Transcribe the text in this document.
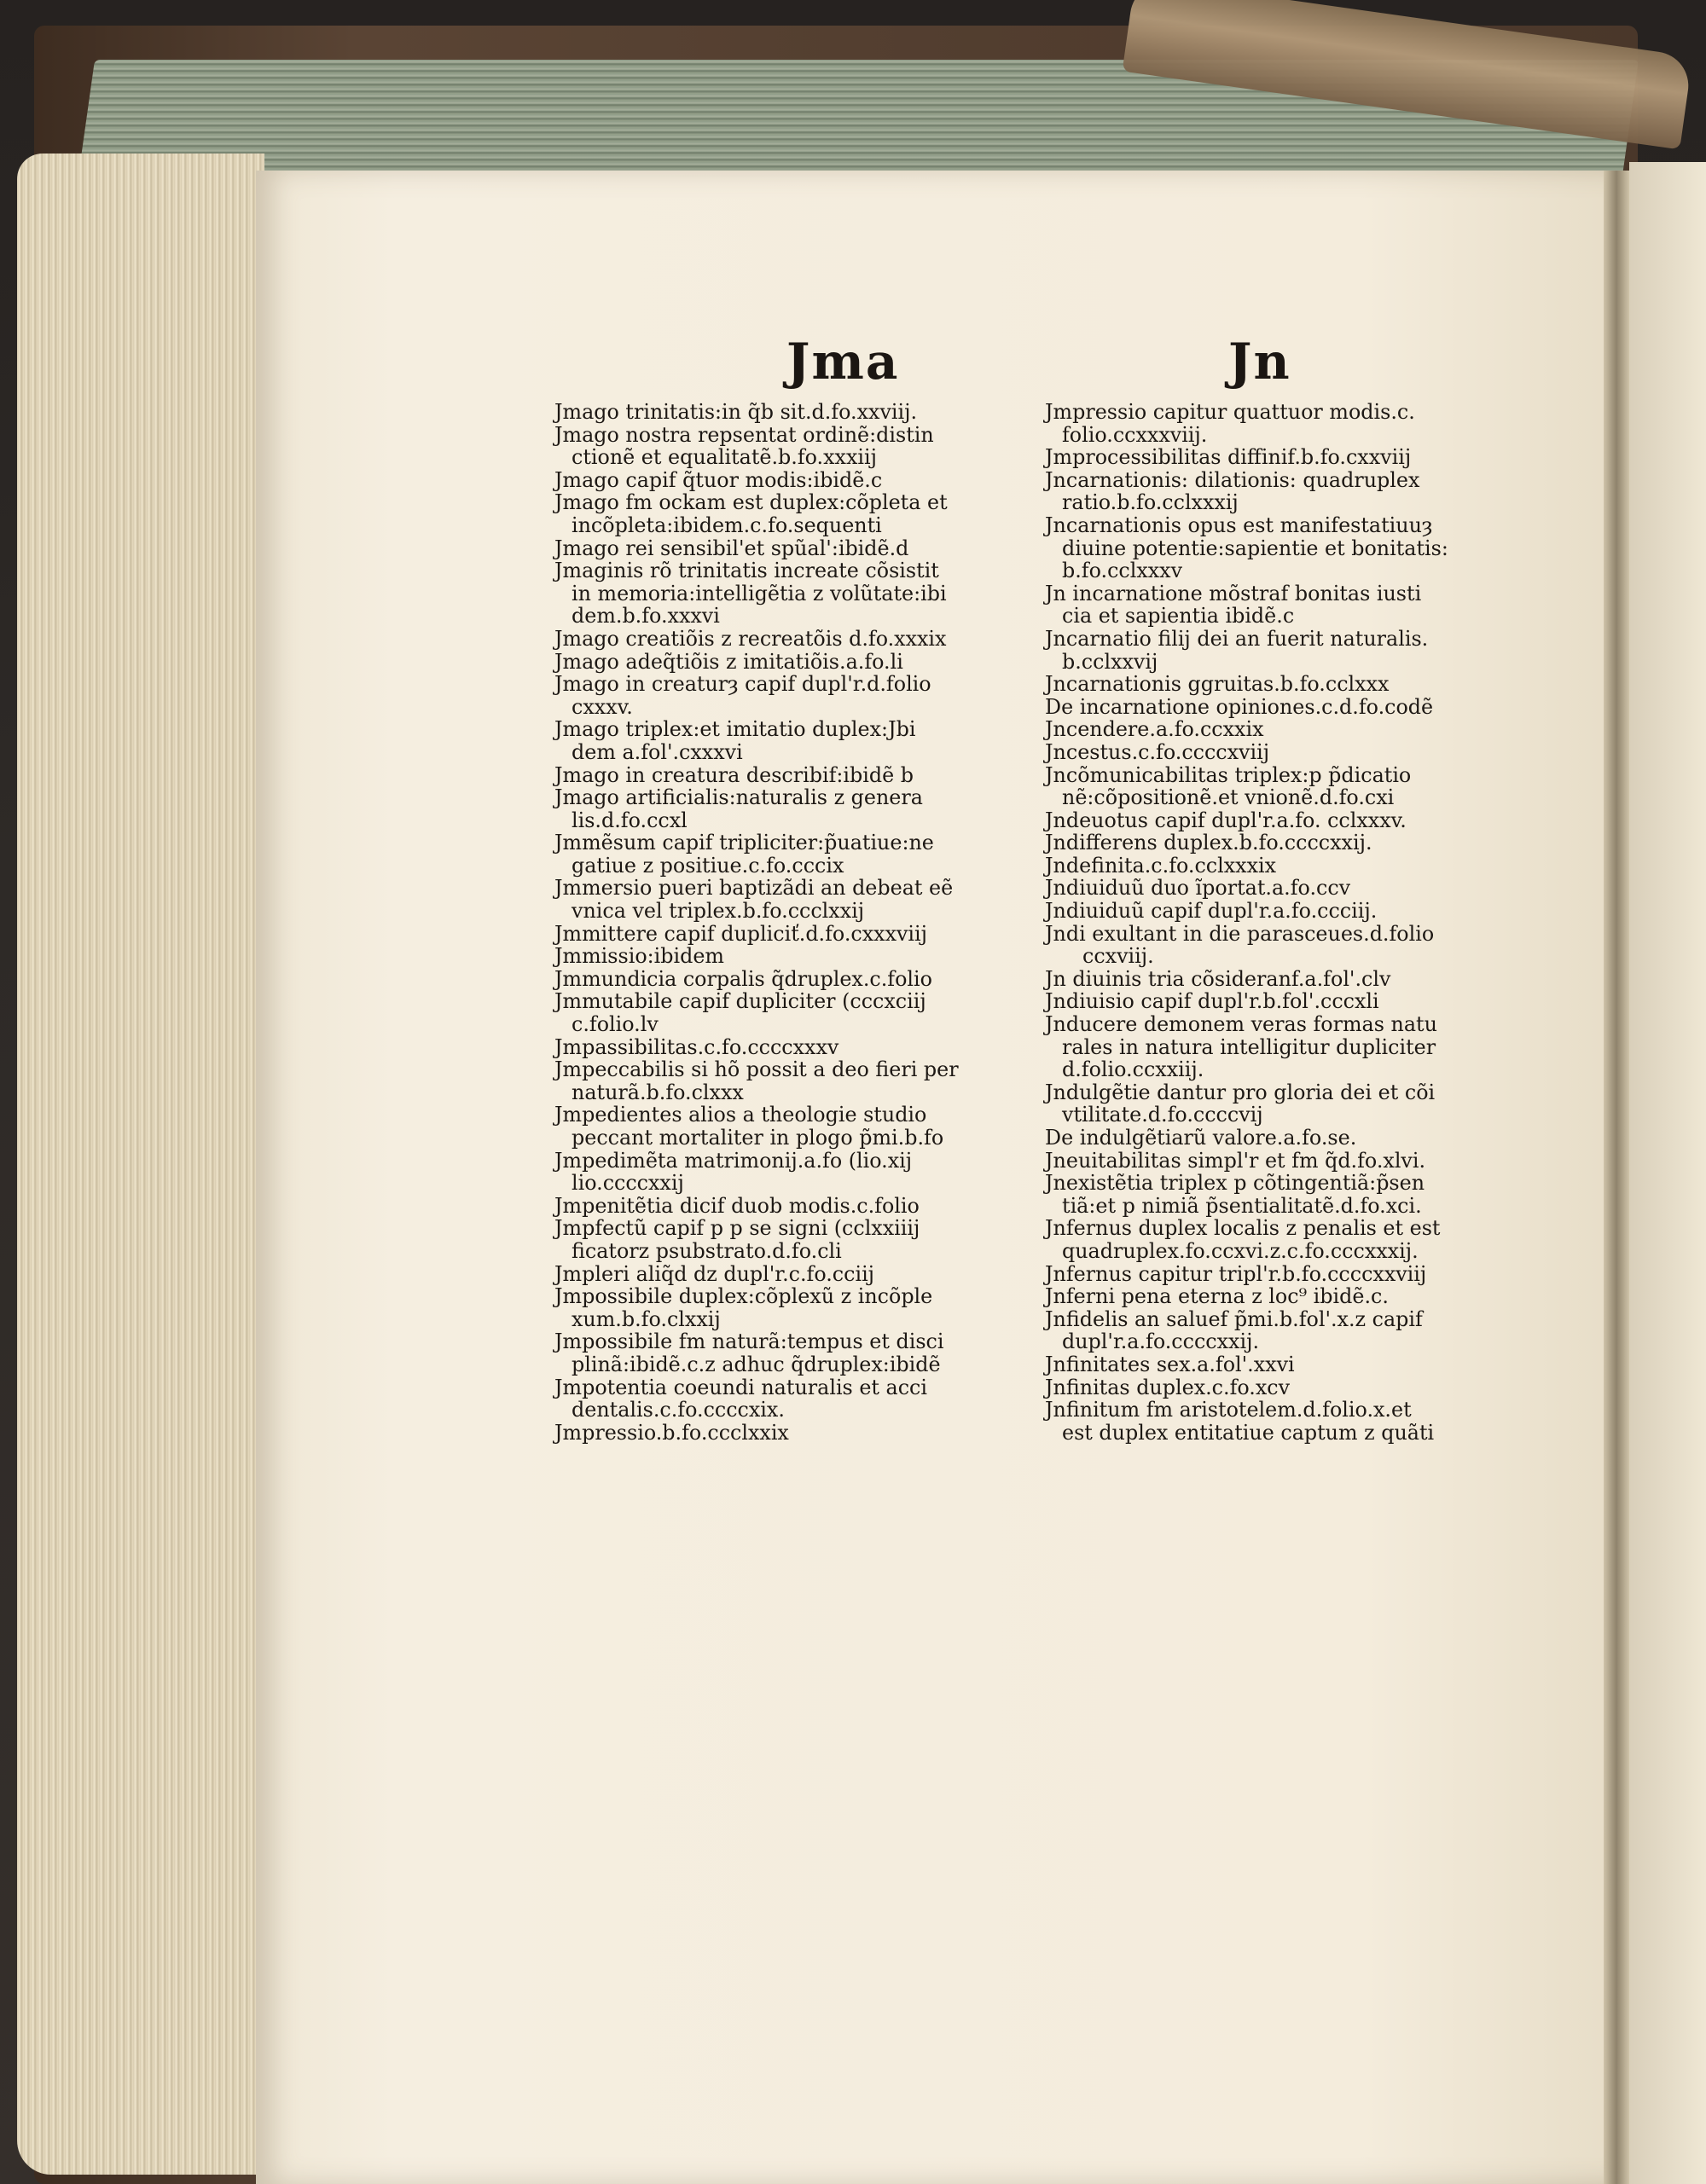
Jma	Jn
Jmago trinitatis:in q̃b sit.d.fo.xxviij.
Jmago nostra repsentat ordinẽ:distin
ctionẽ et equalitatẽ.b.fo.xxxiij
Jmago capif q̃tuor modis:ibidẽ.c
Jmago fm ockam est duplex:cõpleta et
incõpleta:ibidem.c.fo.sequenti
Jmago rei sensibil'et spũal':ibidẽ.d
Jmaginis rõ trinitatis increate cõsistit
in memoria:intelligẽtia z volũtate:ibi
dem.b.fo.xxxvi
Jmago creatiõis z recreatõis d.fo.xxxix
Jmago adeq̃tiõis z imitatiõis.a.fo.li
Jmago in creaturȝ capif dupl'r.d.folio
cxxxv.
Jmago triplex:et imitatio duplex:Jbi
dem a.fol'.cxxxvi
Jmago in creatura describif:ibidẽ b
Jmago artificialis:naturalis z genera
lis.d.fo.ccxl
Jmmẽsum capif tripliciter:p̃uatiue:ne
gatiue z positiue.c.fo.cccix
Jmmersio pueri baptizãdi an debeat eẽ
vnica vel triplex.b.fo.ccclxxij
Jmmittere capif dupliciť.d.fo.cxxxviij
Jmmissio:ibidem
Jmmundicia corpalis q̃druplex.c.folio
Jmmutabile capif dupliciter (cccxciij
c.folio.lv
Jmpassibilitas.c.fo.ccccxxxv
Jmpeccabilis si hõ possit a deo fieri per
naturã.b.fo.clxxx
Jmpedientes alios a theologie studio
peccant mortaliter in plogo p̃mi.b.fo
Jmpedimẽta matrimonij.a.fo (lio.xij
lio.ccccxxij
Jmpenitẽtia dicif duob modis.c.folio
Jmpfectũ capif p p se signi (cclxxiiij
ficatorz psubstrato.d.fo.cli
Jmpleri aliq̃d dz dupl'r.c.fo.cciij
Jmpossibile duplex:cõplexũ z incõple
xum.b.fo.clxxij
Jmpossibile fm naturã:tempus et disci
plinã:ibidẽ.c.z adhuc q̃druplex:ibidẽ
Jmpotentia coeundi naturalis et acci
dentalis.c.fo.ccccxix.
Jmpressio.b.fo.ccclxxix
Jmpressio capitur quattuor modis.c.
folio.ccxxxviij.
Jmprocessibilitas diffinif.b.fo.cxxviij
Jncarnationis: dilationis: quadruplex
ratio.b.fo.cclxxxij
Jncarnationis opus est manifestatiuuȝ
diuine potentie:sapientie et bonitatis:
b.fo.cclxxxv
Jn incarnatione mõstraf bonitas iusti
cia et sapientia ibidẽ.c
Jncarnatio filij dei an fuerit naturalis.
b.cclxxvij
Jncarnationis ggruitas.b.fo.cclxxx
De incarnatione opiniones.c.d.fo.codẽ
Jncendere.a.fo.ccxxix
Jncestus.c.fo.ccccxviij
Jncõmunicabilitas triplex:p p̃dicatio
nẽ:cõpositionẽ.et vnionẽ.d.fo.cxi
Jndeuotus capif dupl'r.a.fo. cclxxxv.
Jndifferens duplex.b.fo.ccccxxij.
Jndefinita.c.fo.cclxxxix
Jndiuiduũ duo ĩportat.a.fo.ccv
Jndiuiduũ capif dupl'r.a.fo.ccciij.
Jndi exultant in die parasceues.d.folio
ccxviij.
Jn diuinis tria cõsideranf.a.fol'.clv
Jndiuisio capif dupl'r.b.fol'.cccxli
Jnducere demonem veras formas natu
rales in natura intelligitur dupliciter
d.folio.ccxxiij.
Jndulgẽtie dantur pro gloria dei et cõi
vtilitate.d.fo.ccccvij
De indulgẽtiarũ valore.a.fo.se.
Jneuitabilitas simpl'r et fm q̃d.fo.xlvi.
Jnexistẽtia triplex p cõtingentiã:p̃sen
tiã:et p nimiã p̃sentialitatẽ.d.fo.xci.
Jnfernus duplex localis z penalis et est
quadruplex.fo.ccxvi.z.c.fo.cccxxxij.
Jnfernus capitur tripl'r.b.fo.ccccxxviij
Jnferni pena eterna z loc⁹ ibidẽ.c.
Jnfidelis an saluef p̃mi.b.fol'.x.z capif
dupl'r.a.fo.ccccxxij.
Jnfinitates sex.a.fol'.xxvi
Jnfinitas duplex.c.fo.xcv
Jnfinitum fm aristotelem.d.folio.x.et
est duplex entitatiue captum z quãti
